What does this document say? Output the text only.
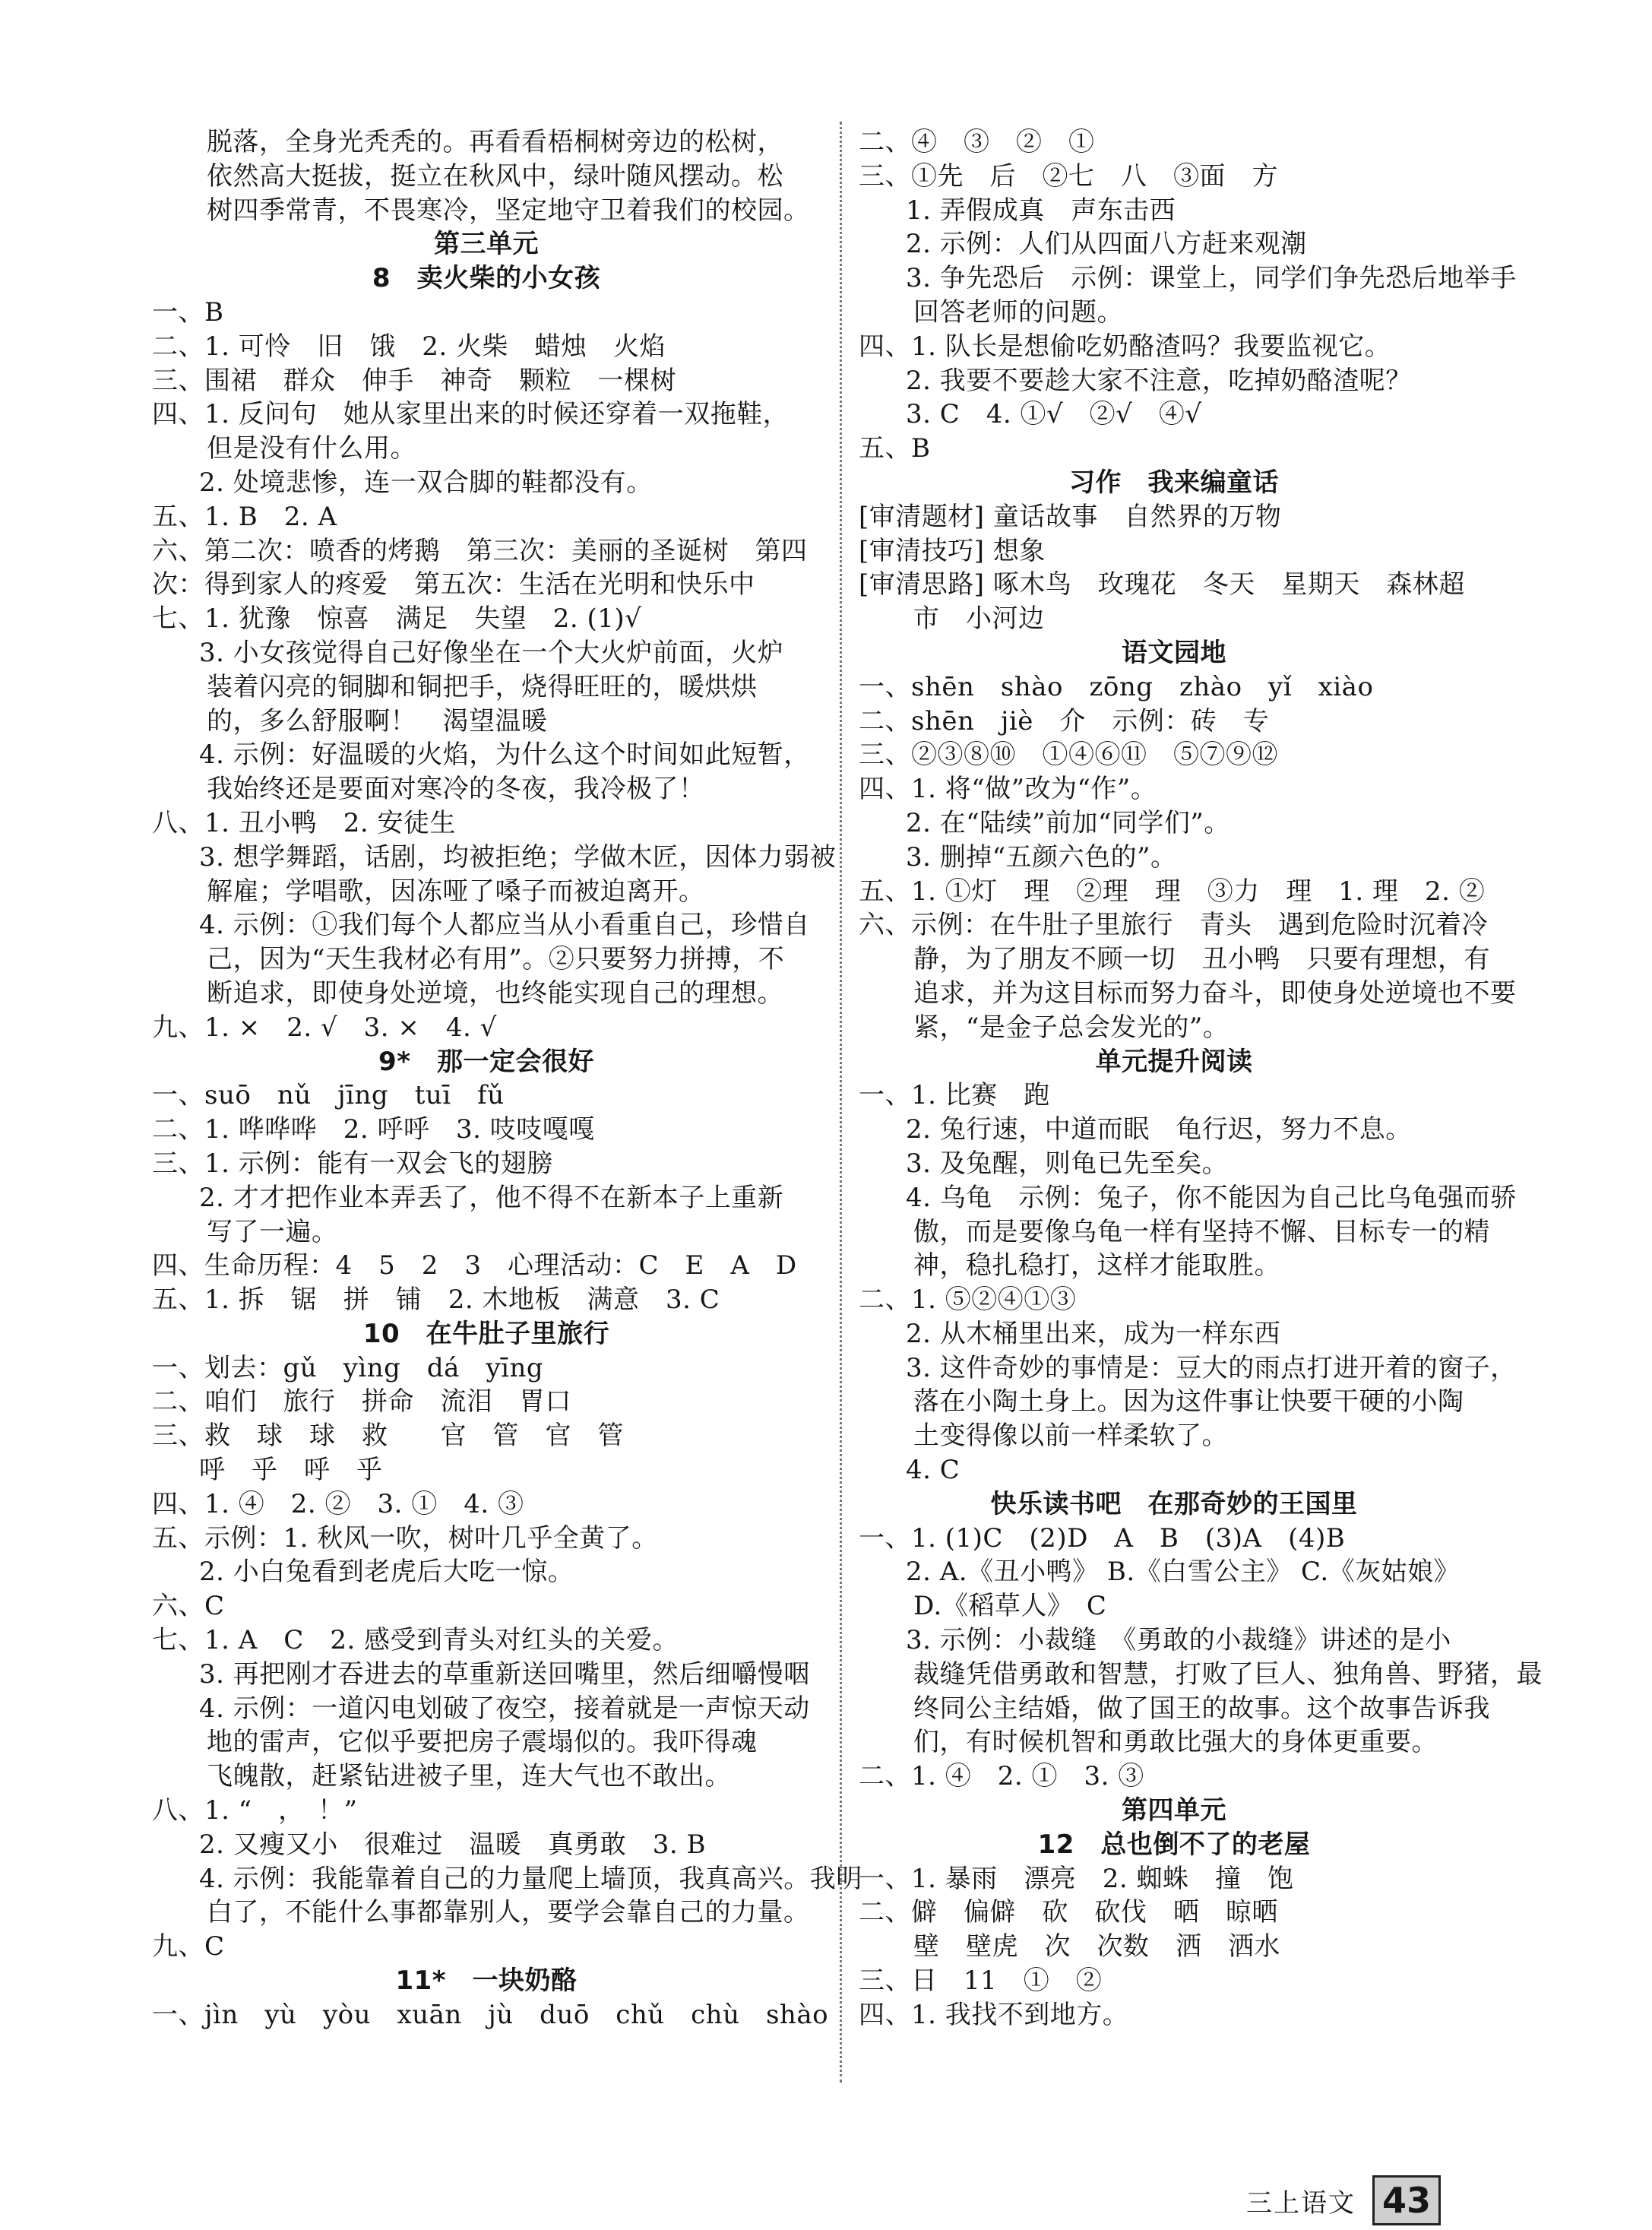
脱落，全身光秃秃的。再看看梧桐树旁边的松树，
依然高大挺拔，挺立在秋风中，绿叶随风摆动。松
树四季常青，不畏寒冷，坚定地守卫着我们的校园。
第三单元
8　卖火柴的小女孩
一、B
二、1. 可怜　旧　饿　2. 火柴　蜡烛　火焰
三、围裙　群众　伸手　神奇　颗粒　一棵树
四、1. 反问句　她从家里出来的时候还穿着一双拖鞋，
但是没有什么用。
2. 处境悲惨，连一双合脚的鞋都没有。
五、1. B　2. A
六、第二次：喷香的烤鹅　第三次：美丽的圣诞树　第四
次：得到家人的疼爱　第五次：生活在光明和快乐中
七、1. 犹豫　惊喜　满足　失望　2. (1)√
3. 小女孩觉得自己好像坐在一个大火炉前面，火炉
装着闪亮的铜脚和铜把手，烧得旺旺的，暖烘烘
的，多么舒服啊！　渴望温暖
4. 示例：好温暖的火焰，为什么这个时间如此短暂，
我始终还是要面对寒冷的冬夜，我冷极了！
八、1. 丑小鸭　2. 安徒生
3. 想学舞蹈，话剧，均被拒绝；学做木匠，因体力弱被
解雇；学唱歌，因冻哑了嗓子而被迫离开。
4. 示例：①我们每个人都应当从小看重自己，珍惜自
己，因为“天生我材必有用”。②只要努力拼搏，不
断追求，即使身处逆境，也终能实现自己的理想。
九、1. ×　2. √　3. ×　4. √
9*　那一定会很好
一、suō　nǔ　jīng　tuī　fǔ
二、1. 哗哗哗　2. 呼呼　3. 吱吱嘎嘎
三、1. 示例：能有一双会飞的翅膀
2. 才才把作业本弄丢了，他不得不在新本子上重新
写了一遍。
四、生命历程：4　5　2　3　心理活动：C　E　A　D
五、1. 拆　锯　拼　铺　2. 木地板　满意　3. C
10　在牛肚子里旅行
一、划去：gǔ　yìng　dá　yīng
二、咱们　旅行　拼命　流泪　胃口
三、救　球　球　救　　官　管　官　管
呼　乎　呼　乎
四、1. ④　2. ②　3. ①　4. ③
五、示例：1. 秋风一吹，树叶几乎全黄了。
2. 小白兔看到老虎后大吃一惊。
六、C
七、1. A　C　2. 感受到青头对红头的关爱。
3. 再把刚才吞进去的草重新送回嘴里，然后细嚼慢咽
4. 示例：一道闪电划破了夜空，接着就是一声惊天动
地的雷声，它似乎要把房子震塌似的。我吓得魂
飞魄散，赶紧钻进被子里，连大气也不敢出。
八、1. “　，　！”
2. 又瘦又小　很难过　温暖　真勇敢　3. B
4. 示例：我能靠着自己的力量爬上墙顶，我真高兴。我明
白了，不能什么事都靠别人，要学会靠自己的力量。
九、C
11*　一块奶酪
一、jìn　yù　yòu　xuān　jù　duō　chǔ　chù　shào
二、④　③　②　①
三、①先　后　②七　八　③面　方
1. 弄假成真　声东击西
2. 示例：人们从四面八方赶来观潮
3. 争先恐后　示例：课堂上，同学们争先恐后地举手
回答老师的问题。
四、1. 队长是想偷吃奶酪渣吗？我要监视它。
2. 我要不要趁大家不注意，吃掉奶酪渣呢？
3. C　4. ①√　②√　④√
五、B
习作　我来编童话
[审清题材] 童话故事　自然界的万物
[审清技巧] 想象
[审清思路] 啄木鸟　玫瑰花　冬天　星期天　森林超
市　小河边
语文园地
一、shēn　shào　zōng　zhào　yǐ　xiào
二、shēn　jiè　介　示例：砖　专
三、②③⑧⑩　①④⑥⑪　⑤⑦⑨⑫
四、1. 将“做”改为“作”。
2. 在“陆续”前加“同学们”。
3. 删掉“五颜六色的”。
五、1. ①灯　理　②理　理　③力　理　1. 理　2. ②
六、示例：在牛肚子里旅行　青头　遇到危险时沉着冷
静，为了朋友不顾一切　丑小鸭　只要有理想，有
追求，并为这目标而努力奋斗，即使身处逆境也不要
紧，“是金子总会发光的”。
单元提升阅读
一、1. 比赛　跑
2. 兔行速，中道而眠　龟行迟，努力不息。
3. 及兔醒，则龟已先至矣。
4. 乌龟　示例：兔子，你不能因为自己比乌龟强而骄
傲，而是要像乌龟一样有坚持不懈、目标专一的精
神，稳扎稳打，这样才能取胜。
二、1. ⑤②④①③
2. 从木桶里出来，成为一样东西
3. 这件奇妙的事情是：豆大的雨点打进开着的窗子，
落在小陶土身上。因为这件事让快要干硬的小陶
土变得像以前一样柔软了。
4. C
快乐读书吧　在那奇妙的王国里
一、1. (1)C　(2)D　A　B　(3)A　(4)B
2. A.《丑小鸭》 B.《白雪公主》 C.《灰姑娘》
D.《稻草人》　C
3. 示例：小裁缝　《勇敢的小裁缝》讲述的是小
裁缝凭借勇敢和智慧，打败了巨人、独角兽、野猪，最
终同公主结婚，做了国王的故事。这个故事告诉我
们，有时候机智和勇敢比强大的身体更重要。
二、1. ④　2. ①　3. ③
第四单元
12　总也倒不了的老屋
一、1. 暴雨　漂亮　2. 蜘蛛　撞　饱
二、僻　偏僻　砍　砍伐　晒　晾晒
壁　壁虎　次　次数　洒　洒水
三、日　11　①　②
四、1. 我找不到地方。
三上语文 43
